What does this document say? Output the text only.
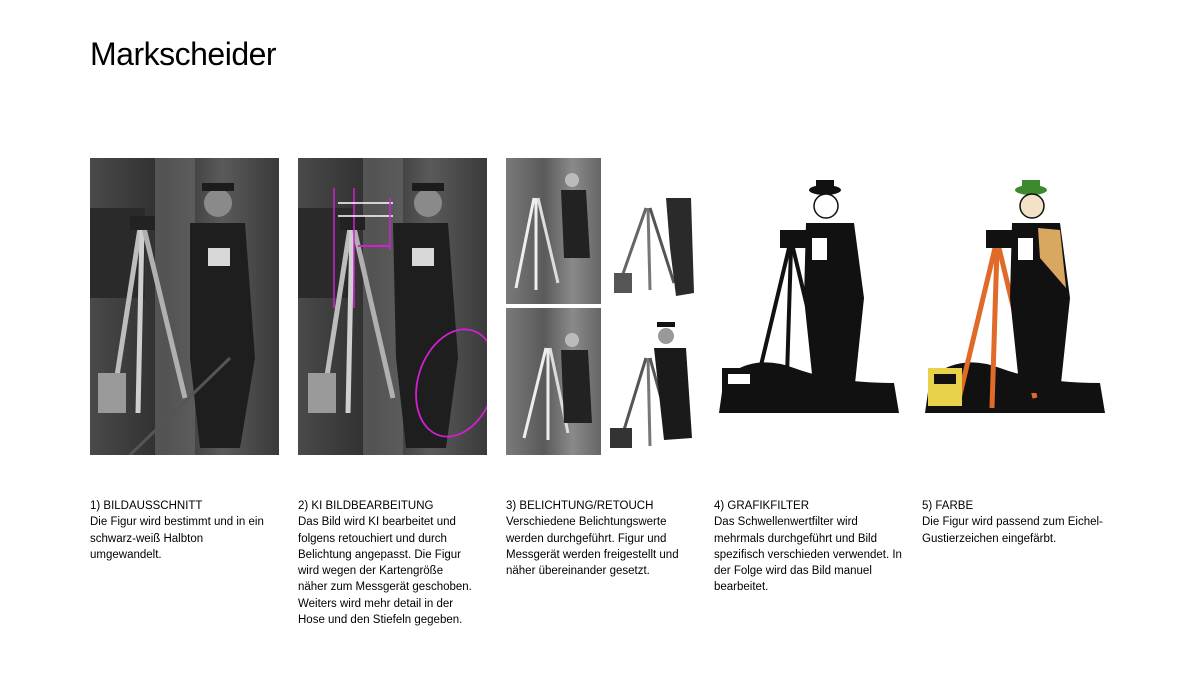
Markscheider
1) BILDAUSSCHNITT
Die Figur wird bestimmt und in ein schwarz-weiß Halbton umgewandelt.
2) KI BILDBEARBEITUNG
Das Bild wird KI bearbeitet und folgens retouchiert und durch Belichtung angepasst. Die Figur wird wegen der Kartengröße näher zum Messgerät geschoben. Weiters wird mehr detail in der Hose und den Stiefeln gegeben.
3) BELICHTUNG/RETOUCH
Verschiedene Belichtungswerte werden durchgeführt. Figur und Messgerät werden freigestellt und näher übereinander gesetzt.
4) GRAFIKFILTER
Das Schwellenwertfilter wird mehrmals durchgeführt und Bild spezifisch verschieden verwendet. In der Folge wird das Bild manuel bearbeitet.
5) FARBE
Die Figur wird passend zum Eichel-Gustierzeichen eingefärbt.
